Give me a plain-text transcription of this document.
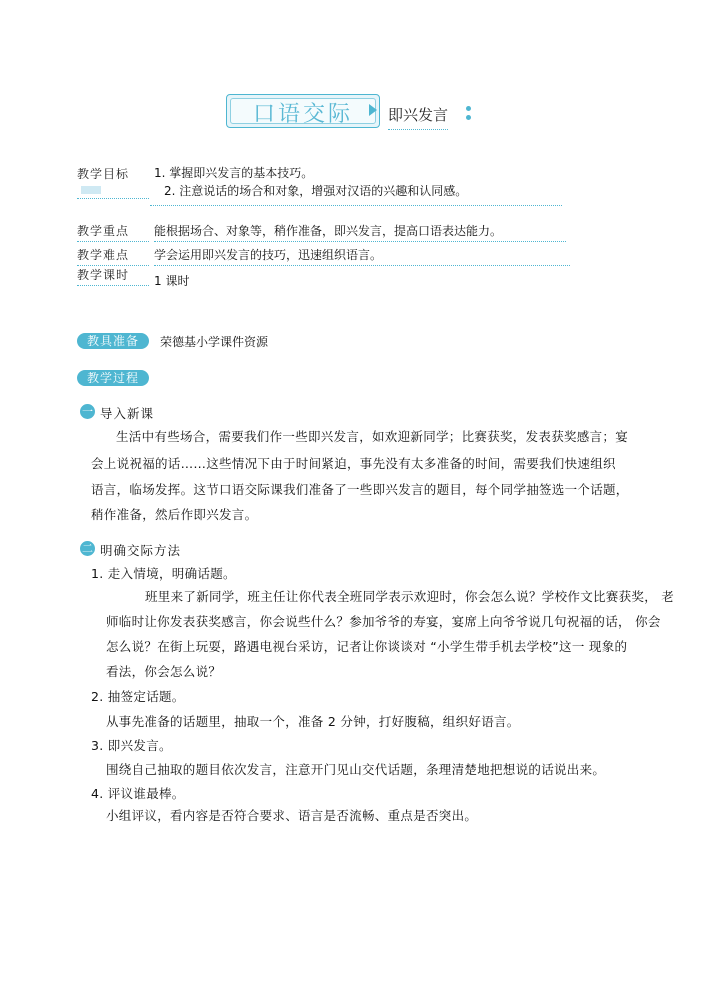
口语交际	即兴发言
教学目标	1. 掌握即兴发言的基本技巧。
2. 注意说话的场合和对象，增强对汉语的兴趣和认同感。
教学重点	能根据场合、对象等，稍作准备，即兴发言，提高口语表达能力。
教学难点	学会运用即兴发言的技巧，迅速组织语言。
教学课时	1 课时
教具准备	荣德基小学课件资源
教学过程
一 导入新课
生活中有些场合，需要我们作一些即兴发言，如欢迎新同学；比赛获奖，发表获奖感言；宴
会上说祝福的话……这些情况下由于时间紧迫，事先没有太多准备的时间，需要我们快速组织
语言，临场发挥。这节口语交际课我们准备了一些即兴发言的题目，每个同学抽签选一个话题，
稍作准备，然后作即兴发言。
二 明确交际方法
1. 走入情境，明确话题。
班里来了新同学，班主任让你代表全班同学表示欢迎时，你会怎么说？学校作文比赛获奖， 老
师临时让你发表获奖感言，你会说些什么？参加爷爷的寿宴，宴席上向爷爷说几句祝福的话， 你会
怎么说？在街上玩耍，路遇电视台采访，记者让你谈谈对 “小学生带手机去学校”这一 现象的
看法，你会怎么说？
2. 抽签定话题。
从事先准备的话题里，抽取一个，准备 2 分钟，打好腹稿，组织好语言。
3. 即兴发言。
围绕自己抽取的题目依次发言，注意开门见山交代话题，条理清楚地把想说的话说出来。
4. 评议谁最棒。
小组评议，看内容是否符合要求、语言是否流畅、重点是否突出。
